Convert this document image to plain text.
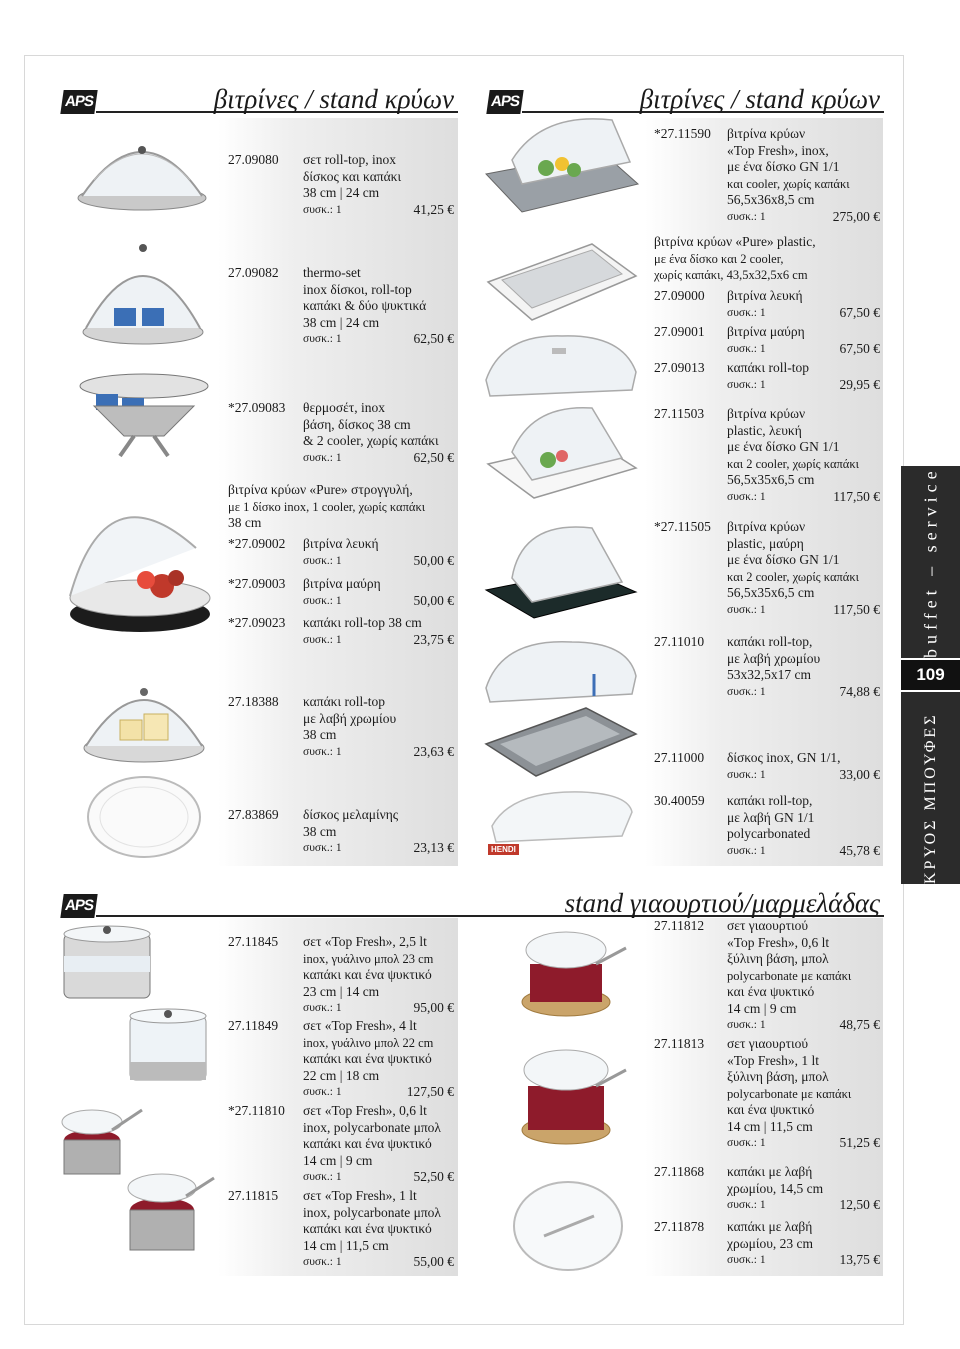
APS	βιτρίνες / stand κρύων APS	βιτρίνες / stand κρύων
APS	stand γιαουρτιού/μαρμελάδας
ΚΡΥΟΣ ΜΠΟΥΦΕΣ
buffet – service
109
HENDI
27.09080 σετ roll-top, inox
δίσκος και καπάκι
38 cm | 24 cm
συσκ.: 1	41,25 €
27.09082 thermo-set
inox δίσκοι, roll-top
καπάκι & δύο ψυκτικά
38 cm | 24 cm
συσκ.: 1	62,50 €
*27.09083 θερμοσέτ, inox
βάση, δίσκος 38 cm
& 2 cooler, χωρίς καπάκι
συσκ.: 1	62,50 €
βιτρίνα κρύων «Pure» στρογγυλή,
με 1 δίσκο inox, 1 cooler, χωρίς καπάκι
38 cm
*27.09002 βιτρίνα λευκή
συσκ.: 1	50,00 €
*27.09003 βιτρίνα μαύρη
συσκ.: 1	50,00 €
*27.09023 καπάκι roll-top 38 cm
συσκ.: 1	23,75 €
27.18388 καπάκι roll-top
με λαβή χρωμίου
38 cm
συσκ.: 1	23,63 €
27.83869 δίσκος μελαμίνης
38 cm
συσκ.: 1	23,13 €
*27.11590 βιτρίνα κρύων
«Top Fresh», inox,
με ένα δίσκο GN 1/1
και cooler, χωρίς καπάκι
56,5x36x8,5 cm
συσκ.: 1	275,00 €
βιτρίνα κρύων «Pure» plastic,
με ένα δίσκο και 2 cooler,
χωρίς καπάκι, 43,5x32,5x6 cm
27.09000 βιτρίνα λευκή
συσκ.: 1	67,50 €
27.09001 βιτρίνα μαύρη
συσκ.: 1	67,50 €
27.09013 καπάκι roll-top
συσκ.: 1	29,95 €
27.11503 βιτρίνα κρύων
plastic, λευκή
με ένα δίσκο GN 1/1
και 2 cooler, χωρίς καπάκι
56,5x35x6,5 cm
συσκ.: 1	117,50 €
*27.11505 βιτρίνα κρύων
plastic, μαύρη
με ένα δίσκο GN 1/1
και 2 cooler, χωρίς καπάκι
56,5x35x6,5 cm
συσκ.: 1	117,50 €
27.11010 καπάκι roll-top,
με λαβή χρωμίου
53x32,5x17 cm
συσκ.: 1	74,88 €
27.11000 δίσκος inox, GN 1/1,
συσκ.: 1	33,00 €
30.40059 καπάκι roll-top,
με λαβή GN 1/1
polycarbonated
συσκ.: 1	45,78 €
27.11845 σετ «Top Fresh», 2,5 lt
inox, γυάλινο μπολ 23 cm
καπάκι και ένα ψυκτικό
23 cm | 14 cm
συσκ.: 1	95,00 €
27.11849 σετ «Top Fresh», 4 lt
inox, γυάλινο μπολ 22 cm
καπάκι και ένα ψυκτικό
22 cm | 18 cm
συσκ.: 1	127,50 €
*27.11810 σετ «Top Fresh», 0,6 lt
inox, polycarbonate μπολ
καπάκι και ένα ψυκτικό
14 cm | 9 cm
συσκ.: 1	52,50 €
27.11815 σετ «Top Fresh», 1 lt
inox, polycarbonate μπολ
καπάκι και ένα ψυκτικό
14 cm | 11,5 cm
συσκ.: 1	55,00 €
27.11812 σετ γιαουρτιού
«Top Fresh», 0,6 lt
ξύλινη βάση, μπολ
polycarbonate με καπάκι
και ένα ψυκτικό
14 cm | 9 cm
συσκ.: 1	48,75 €
27.11813 σετ γιαουρτιού
«Top Fresh», 1 lt
ξύλινη βάση, μπολ
polycarbonate με καπάκι
και ένα ψυκτικό
14 cm | 11,5 cm
συσκ.: 1	51,25 €
27.11868 καπάκι με λαβή
χρωμίου, 14,5 cm
συσκ.: 1	12,50 €
27.11878 καπάκι με λαβή
χρωμίου, 23 cm
συσκ.: 1	13,75 €
